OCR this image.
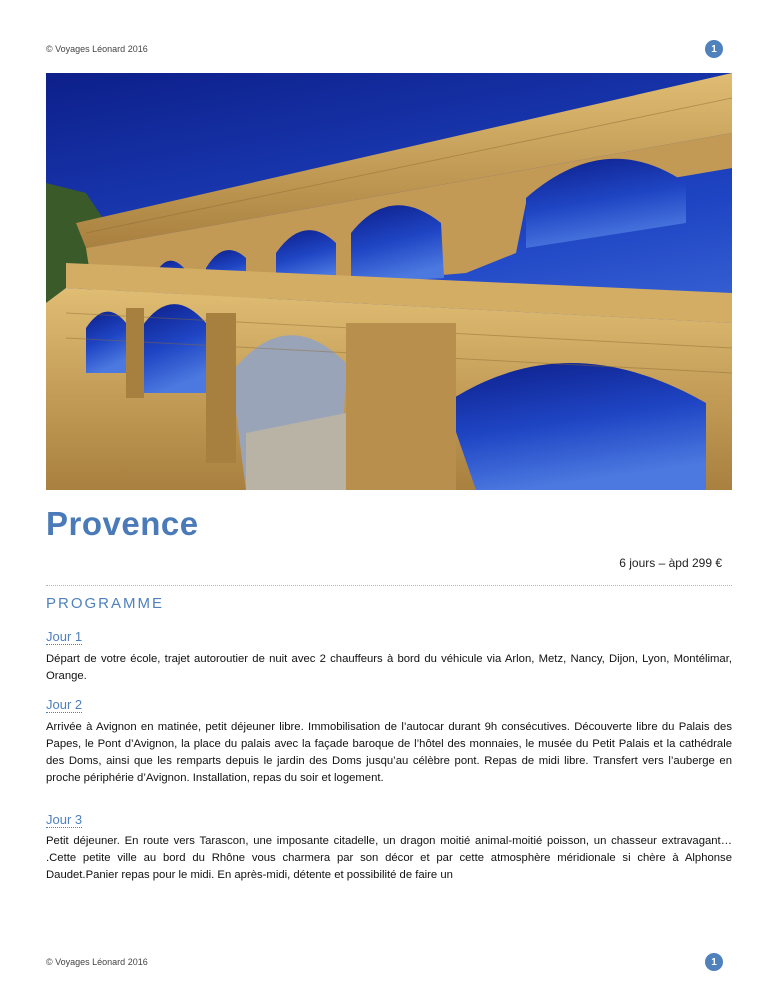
© Voyages Léonard 2016	1
Provence
6 jours – àpd 299 €
PROGRAMME
Jour 1

Départ de votre école, trajet autoroutier de nuit avec 2 chauffeurs à bord du véhicule via Arlon, Metz, Nancy, Dijon, Lyon, Montélimar, Orange.

Jour 2

Arrivée à Avignon en matinée, petit déjeuner libre. Immobilisation de l’autocar durant 9h consécutives. Découverte libre du Palais des Papes, le Pont d’Avignon, la place du palais avec la façade baroque de l’hôtel des monnaies, le musée du Petit Palais et la cathédrale des Doms, ainsi que les remparts depuis le jardin des Doms jusqu’au célèbre pont. Repas de midi libre. Transfert vers l’auberge en proche périphérie d’Avignon. Installation, repas du soir et logement.

Jour 3

Petit déjeuner. En route vers Tarascon, une imposante citadelle, un dragon moitié animal-moitié poisson, un chasseur extravagant… .Cette petite ville au bord du Rhône vous charmera par son décor et par cette atmosphère méridionale si chère à Alphonse Daudet.Panier repas pour le midi. En après-midi, détente et possibilité de faire un

© Voyages Léonard 2016	1
